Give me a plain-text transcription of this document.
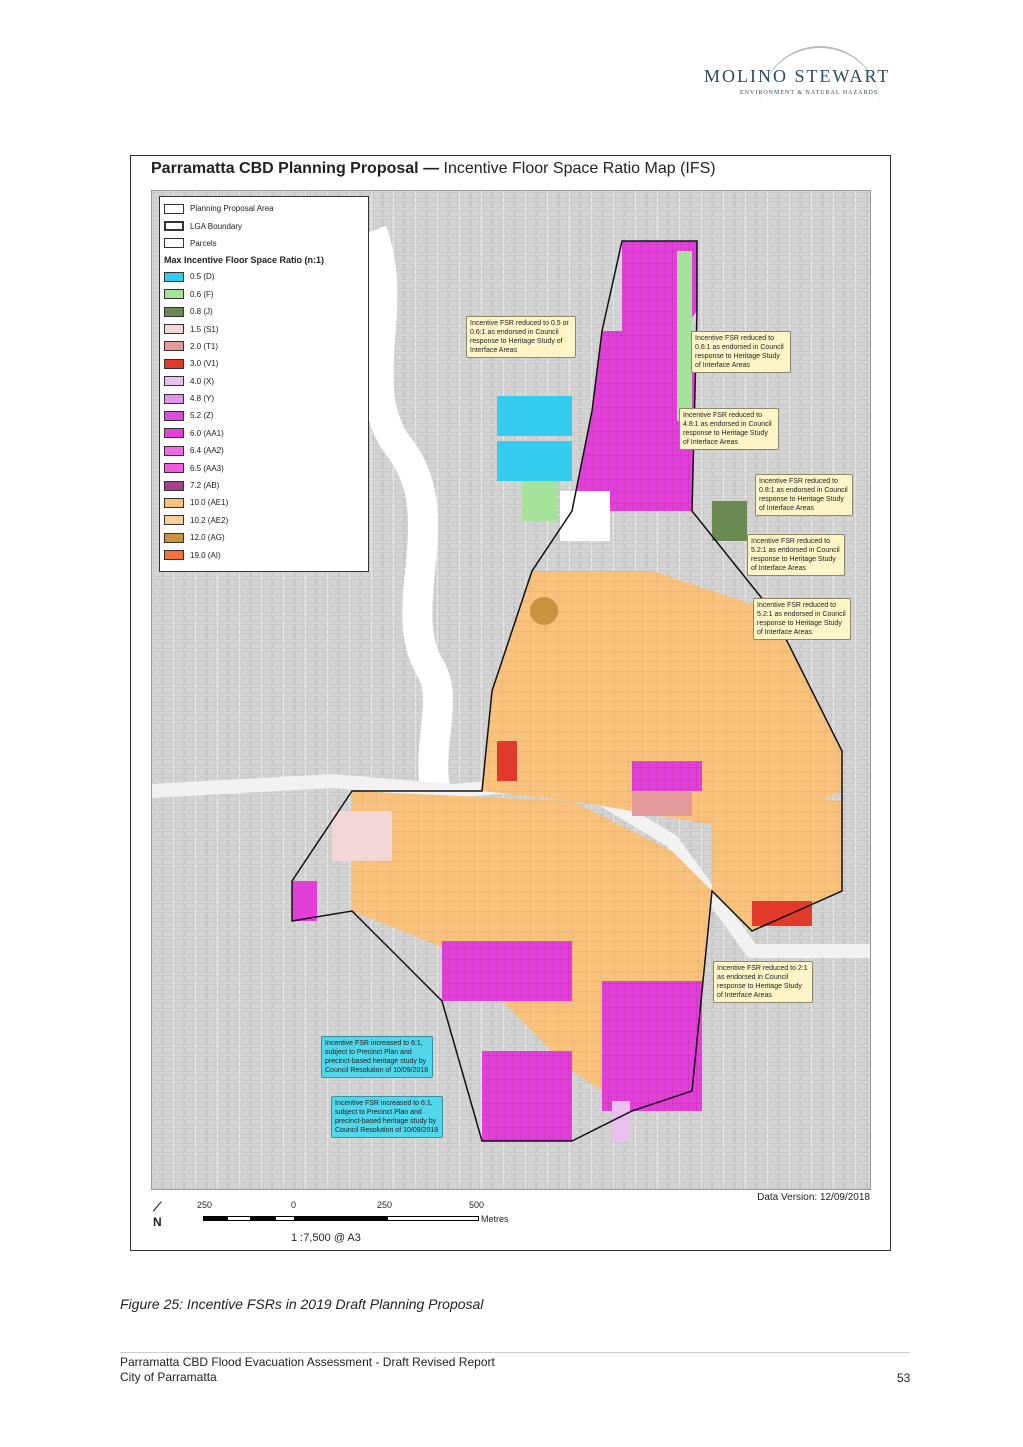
MOLINO STEWART
ENVIRONMENT & NATURAL HAZARDS
Parramatta CBD Planning Proposal — Incentive Floor Space Ratio Map (IFS)
Planning Proposal Area
LGA Boundary
Parcels
Max Incentive Floor Space Ratio (n:1)
0.5 (D)
0.6 (F)
0.8 (J)
1.5 (S1)
2.0 (T1)
3.0 (V1)
4.0 (X)
4.8 (Y)
5.2 (Z)
6.0 (AA1)
6.4 (AA2)
6.5 (AA3)
7.2 (AB)
10.0 (AE1)
10.2 (AE2)
12.0 (AG)
19.0 (AI)
Incentive FSR reduced to 0.5 or 0.6:1 as endorsed in Council response to Heritage Study of Interface Areas
Incentive FSR reduced to 0.6:1 as endorsed in Council response to Heritage Study of Interface Areas
Incentive FSR reduced to 4.8:1 as endorsed in Council response to Heritage Study of Interface Areas
Incentive FSR reduced to 0.8:1 as endorsed in Council response to Heritage Study of Interface Areas
Incentive FSR reduced to 5.2:1 as endorsed in Council response to Heritage Study of Interface Areas
Incentive FSR reduced to 5.2:1 as endorsed in Council response to Heritage Study of Interface Areas
Incentive FSR reduced to 2:1 as endorsed in Council response to Heritage Study of Interface Areas
Incentive FSR increased to 6:1, subject to Precinct Plan and precinct-based heritage study by Council Resolution of 10/09/2018
Incentive FSR increased to 6:1, subject to Precinct Plan and precinct-based heritage study by Council Resolution of 10/09/2018
Data Version: 12/09/2018
⟋
N
250	0	250	500
Metres
1 :7,500 @ A3
Figure 25: Incentive FSRs in 2019 Draft Planning Proposal
Parramatta CBD Flood Evacuation Assessment - Draft Revised Report
City of Parramatta	53
